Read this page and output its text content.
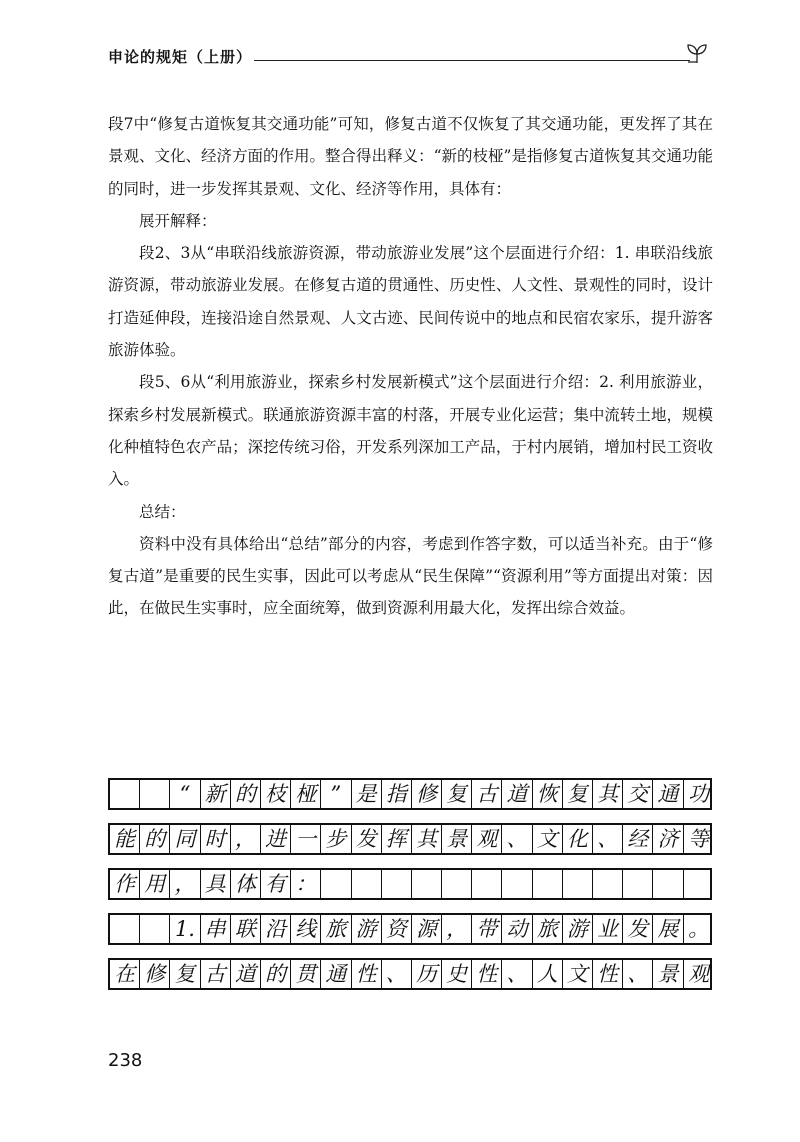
申论的规矩（上册）

段7中“修复古道恢复其交通功能”可知，修复古道不仅恢复了其交通功能，更发挥了其在景观、文化、经济方面的作用。整合得出释义：“新的枝桠”是指修复古道恢复其交通功能的同时，进一步发挥其景观、文化、经济等作用，具体有：

展开解释：

段2、3从“串联沿线旅游资源，带动旅游业发展”这个层面进行介绍：1. 串联沿线旅游资源，带动旅游业发展。在修复古道的贯通性、历史性、人文性、景观性的同时，设计打造延伸段，连接沿途自然景观、人文古迹、民间传说中的地点和民宿农家乐，提升游客旅游体验。

段5、6从“利用旅游业，探索乡村发展新模式”这个层面进行介绍：2. 利用旅游业，探索乡村发展新模式。联通旅游资源丰富的村落，开展专业化运营；集中流转土地，规模化种植特色农产品；深挖传统习俗，开发系列深加工产品，于村内展销，增加村民工资收入。

总结：

资料中没有具体给出“总结”部分的内容，考虑到作答字数，可以适当补充。由于“修复古道”是重要的民生实事，因此可以考虑从“民生保障”“资源利用”等方面提出对策：因此，在做民生实事时，应全面统筹，做到资源利用最大化，发挥出综合效益。

“ 新 的 枝 桠 ” 是 指 修 复 古 道 恢 复 其 交 通 功
能 的 同 时 ， 进 一 步 发 挥 其 景 观 、 文 化 、 经 济 等
作 用 ， 具 体 有 ：
1. 串 联 沿 线 旅 游 资 源 ， 带 动 旅 游 业 发 展 。
在 修 复 古 道 的 贯 通 性 、 历 史 性 、 人 文 性 、 景 观
238
